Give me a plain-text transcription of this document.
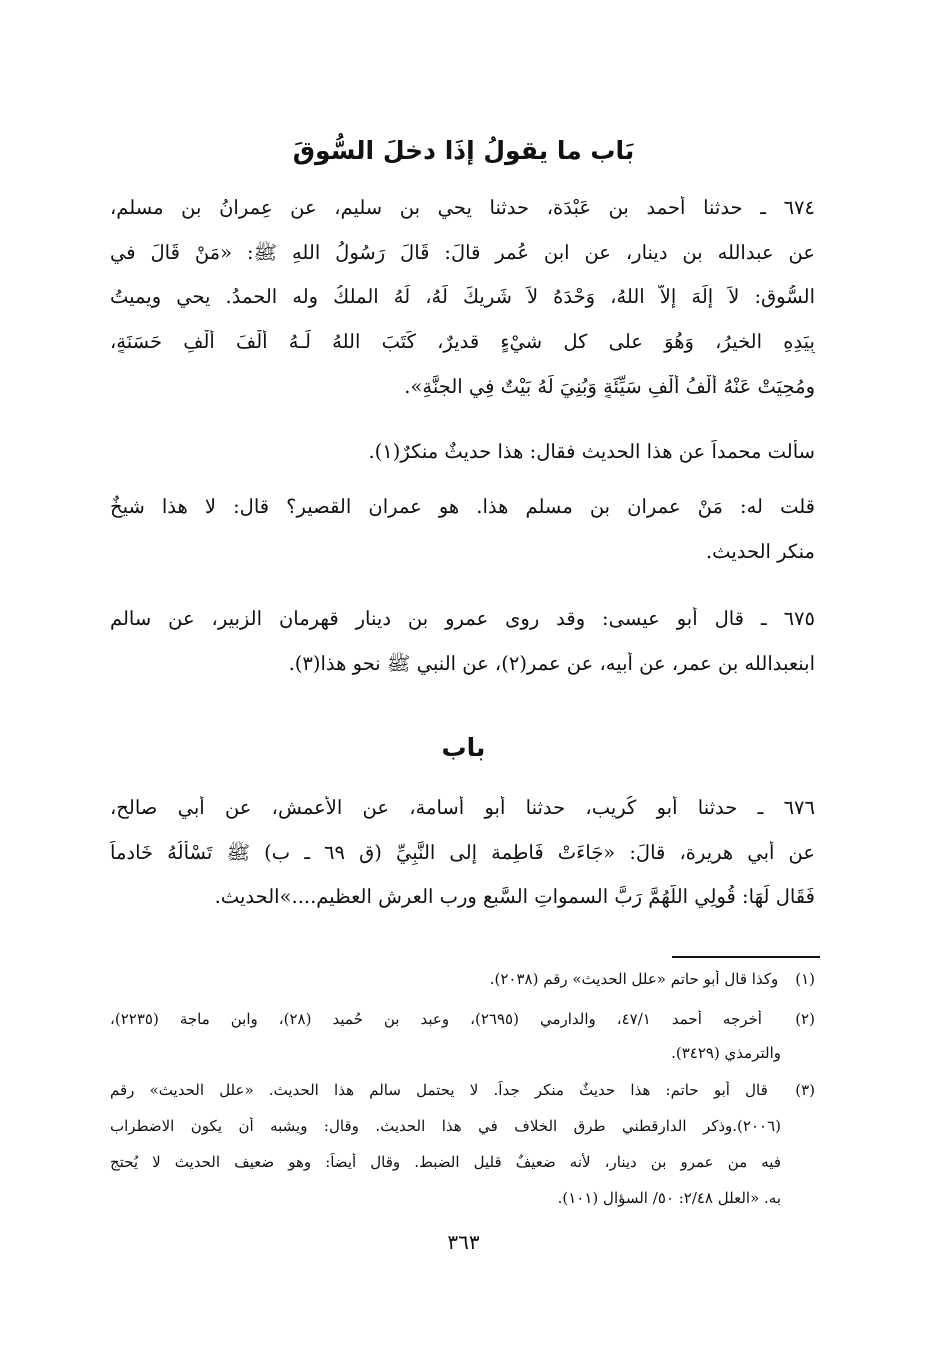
بَاب ما يقولُ إذَا دخلَ السُّوقَ
٦٧٤ ـ حدثنا أحمد بن عَبْدَة، حدثنا يحي بن سليم، عن عِمرانُ بن مسلم،
عن عبدالله بن دينار، عن ابن عُمر قالَ: قَالَ رَسُولُ اللهِ ﷺ: «مَنْ قَالَ في
السُّوق: لاَ إِلَهَ إلاَّ اللهُ، وَحْدَهُ لاَ شَرِيكَ لَهُ، لَهُ الملكُ وله الحمدُ. يحي ويميتُ
بِيَدِهِ الخيرُ، وَهُوَ على كل شيْءٍ قديرٌ، كَتَبَ اللهُ لَـهُ أَلْفَ أَلْفِ حَسَنَةٍ،
ومُحِيَتْ عَنْهُ أَلْفُ أَلْفِ سَيِّئَةٍ وَبُنِيَ لَهُ بَيْتٌ فِي الجنَّةِ».
سألت محمداً عن هذا الحديث فقال: هذا حديثٌ منكرٌ(١).
قلت له: مَنْ عمران بن مسلم هذا. هو عمران القصير؟ قال: لا هذا شيخٌ
منكر الحديث.
٦٧٥ ـ قال أبو عيسى: وقد روى عمرو بن دينار قهرمان الزبير، عن سالم
ابنعبدالله بن عمر، عن أبيه، عن عمر(٢)، عن النبي ﷺ نحو هذا(٣).
باب
٦٧٦ ـ حدثنا أبو كُريب، حدثنا أبو أسامة، عن الأعمش، عن أبي صالح،
عن أبي هريرة، قالَ: «جَاءَتْ فَاطِمة إلى النَّبِيِّ (ق ٦٩ ـ ب) ﷺ تَسْأَلُهُ خَادماً
فَقَال لَهَا: قُولِي اللَّهُمَّ رَبَّ السمواتِ السَّبع ورب العرش العظيم....»الحديث.
(١) وكذا قال أبو حاتم «علل الحديث» رقم (٢٠٣٨).
(٢) أخرجه أحمد ٤٧/١، والدارمي (٢٦٩٥)، وعبد بن حُميد (٢٨)، وابن ماجة (٢٢٣٥)،
والترمذي (٣٤٢٩).
(٣) قال أبو حاتم: هذا حديثٌ منكر جداً. لا يحتمل سالم هذا الحديث. «علل الحديث» رقم
(٢٠٠٦).وذكر الدارقطني طرق الخلاف في هذا الحديث. وقال: ويشبه أن يكون الاضطراب
فيه من عمرو بن دينار، لأنه ضعيفٌ قليل الضبط. وقال أيضاً: وهو ضعيف الحديث لا يُحتج
به. «العلل ٢/٤٨: ٥٠/ السؤال (١٠١).
٣٦٣
